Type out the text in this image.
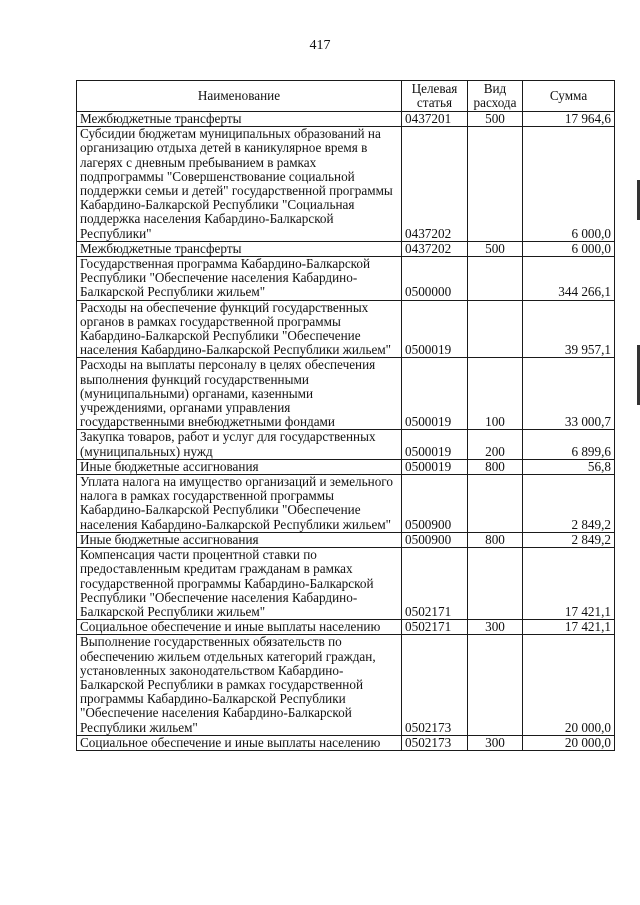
417
Наименование	Целевая статья	Вид расхода	Сумма
Межбюджетные трансферты	0437201	500	17 964,6
Субсидии бюджетам муниципальных образований на организацию отдыха детей в каникулярное время в лагерях с дневным пребыванием в рамках подпрограммы "Совершенствование социальной поддержки семьи и детей" государственной программы Кабардино-Балкарской Республики "Социальная поддержка населения Кабардино-Балкарской Республики"	0437202		6 000,0
Межбюджетные трансферты	0437202	500	6 000,0
Государственная программа Кабардино-Балкарской Республики "Обеспечение населения Кабардино-Балкарской Республики жильем"	0500000		344 266,1
Расходы на обеспечение функций государственных органов в рамках государственной программы Кабардино-Балкарской Республики "Обеспечение населения Кабардино-Балкарской Республики жильем"	0500019		39 957,1
Расходы на выплаты персоналу в целях обеспечения выполнения функций государственными (муниципальными) органами, казенными учреждениями, органами управления государственными внебюджетными фондами	0500019	100	33 000,7
Закупка товаров, работ и услуг для государственных (муниципальных) нужд	0500019	200	6 899,6
Иные бюджетные ассигнования	0500019	800	56,8
Уплата налога на имущество организаций и земельного налога в рамках государственной программы Кабардино-Балкарской Республики "Обеспечение населения Кабардино-Балкарской Республики жильем"	0500900		2 849,2
Иные бюджетные ассигнования	0500900	800	2 849,2
Компенсация части процентной ставки по предоставленным кредитам гражданам в рамках государственной программы Кабардино-Балкарской Республики "Обеспечение населения Кабардино-Балкарской Республики жильем"	0502171		17 421,1
Социальное обеспечение и иные выплаты населению	0502171	300	17 421,1
Выполнение государственных обязательств по обеспечению жильем отдельных категорий граждан, установленных законодательством Кабардино-Балкарской Республики в рамках государственной программы Кабардино-Балкарской Республики "Обеспечение населения Кабардино-Балкарской Республики жильем"	0502173		20 000,0
Социальное обеспечение и иные выплаты населению	0502173	300	20 000,0
